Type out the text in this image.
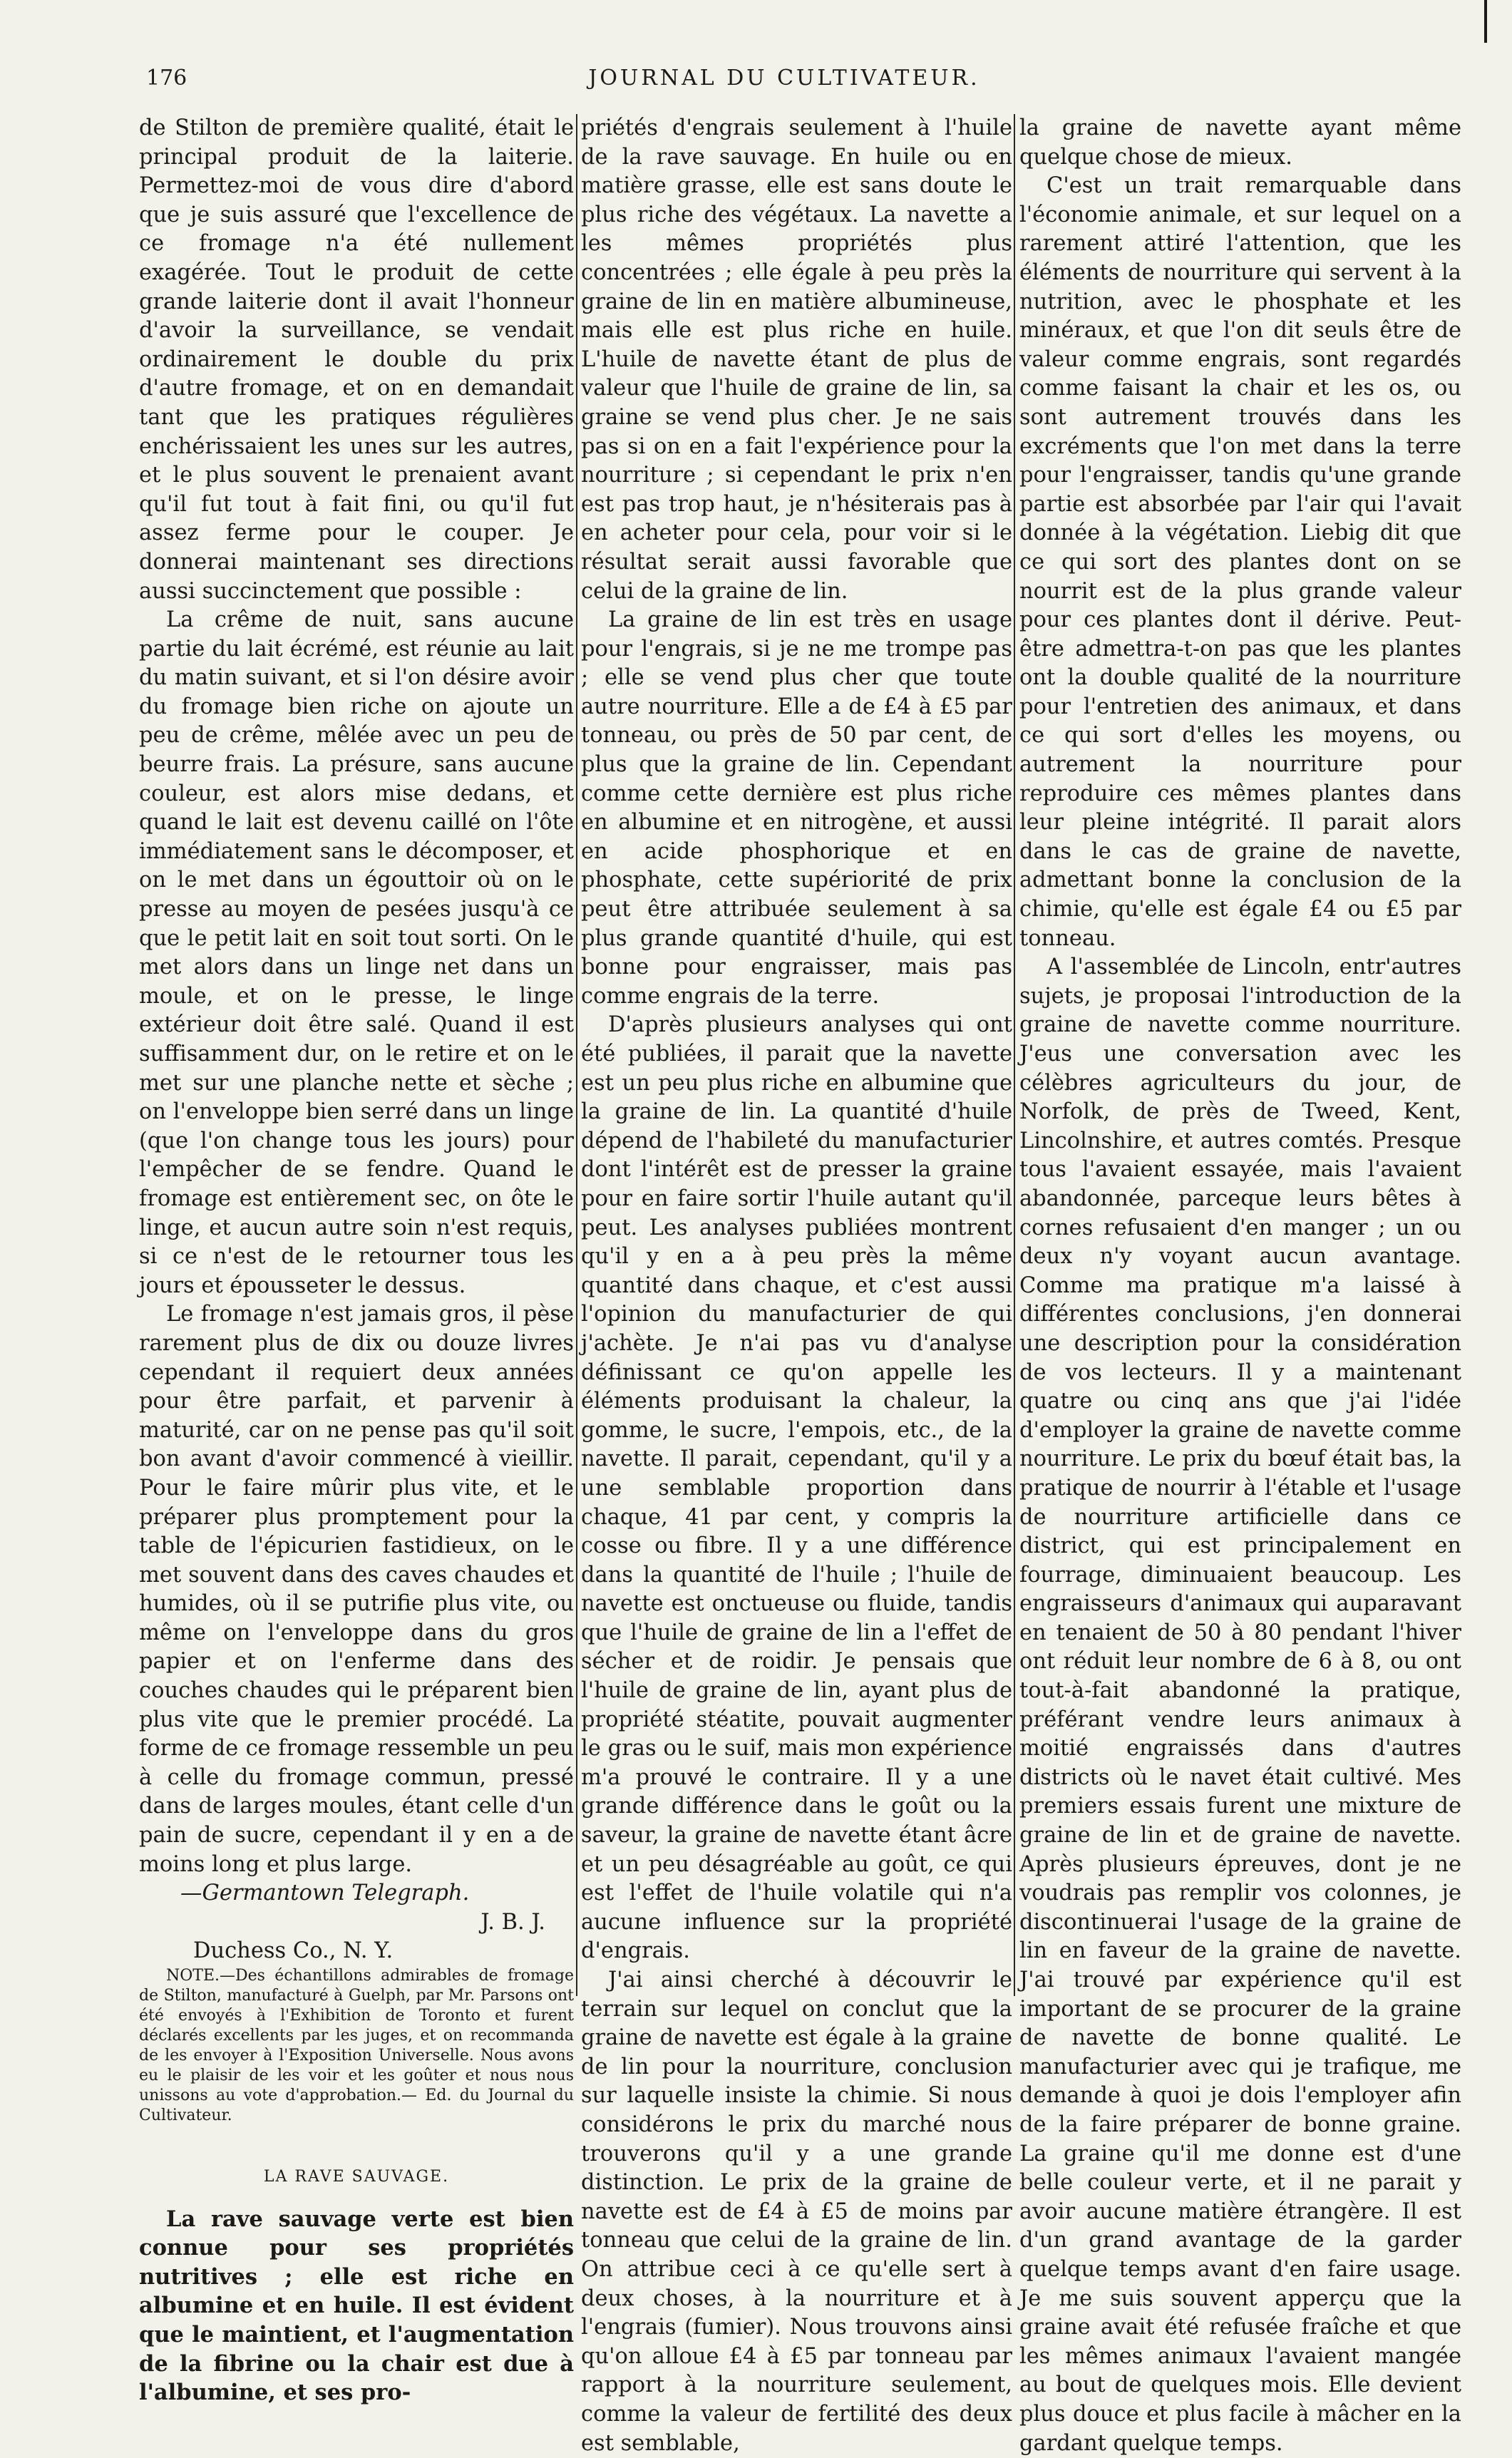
176	JOURNAL DU CULTIVATEUR.

de Stilton de première qualité, était le principal produit de la laiterie. Permettez-moi de vous dire d'abord que je suis assuré que l'excellence de ce fromage n'a été nullement exagérée. Tout le produit de cette grande laiterie dont il avait l'honneur d'avoir la surveillance, se vendait ordinairement le double du prix d'autre fromage, et on en demandait tant que les pratiques régulières enchérissaient les unes sur les autres, et le plus souvent le prenaient avant qu'il fut tout à fait fini, ou qu'il fut assez ferme pour le couper. Je donnerai maintenant ses directions aussi succinctement que possible :

La crême de nuit, sans aucune partie du lait écrémé, est réunie au lait du matin suivant, et si l'on désire avoir du fromage bien riche on ajoute un peu de crême, mêlée avec un peu de beurre frais. La présure, sans aucune couleur, est alors mise dedans, et quand le lait est devenu caillé on l'ôte immédiatement sans le décomposer, et on le met dans un égouttoir où on le presse au moyen de pesées jusqu'à ce que le petit lait en soit tout sorti. On le met alors dans un linge net dans un moule, et on le presse, le linge extérieur doit être salé. Quand il est suffisamment dur, on le retire et on le met sur une planche nette et sèche ; on l'enveloppe bien serré dans un linge (que l'on change tous les jours) pour l'empêcher de se fendre. Quand le fromage est entièrement sec, on ôte le linge, et aucun autre soin n'est requis, si ce n'est de le retourner tous les jours et épousseter le dessus.

Le fromage n'est jamais gros, il pèse rarement plus de dix ou douze livres cependant il requiert deux années pour être parfait, et parvenir à maturité, car on ne pense pas qu'il soit bon avant d'avoir commencé à vieillir. Pour le faire mûrir plus vite, et le préparer plus promptement pour la table de l'épicurien fastidieux, on le met souvent dans des caves chaudes et humides, où il se putrifie plus vite, ou même on l'enveloppe dans du gros papier et on l'enferme dans des couches chaudes qui le préparent bien plus vite que le premier procédé. La forme de ce fromage ressemble un peu à celle du fromage commun, pressé dans de larges moules, étant celle d'un pain de sucre, cependant il y en a de moins long et plus large.

—Germantown Telegraph.

J. B. J.

Duchess Co., N. Y.

NOTE.—Des échantillons admirables de fromage de Stilton, manufacturé à Guelph, par Mr. Parsons ont été envoyés à l'Exhibition de Toronto et furent déclarés excellents par les juges, et on recommanda de les envoyer à l'Exposition Universelle. Nous avons eu le plaisir de les voir et les goûter et nous nous unissons au vote d'approbation.— Ed. du Journal du Cultivateur.

LA RAVE SAUVAGE.

La rave sauvage verte est bien connue pour ses propriétés nutritives ; elle est riche en albumine et en huile. Il est évident que le maintient, et l'augmentation de la fibrine ou la chair est due à l'albumine, et ses pro-

priétés d'engrais seulement à l'huile de la rave sauvage. En huile ou en matière grasse, elle est sans doute le plus riche des végétaux. La navette a les mêmes propriétés plus concentrées ; elle égale à peu près la graine de lin en matière albumineuse, mais elle est plus riche en huile. L'huile de navette étant de plus de valeur que l'huile de graine de lin, sa graine se vend plus cher. Je ne sais pas si on en a fait l'expérience pour la nourriture ; si cependant le prix n'en est pas trop haut, je n'hésiterais pas à en acheter pour cela, pour voir si le résultat serait aussi favorable que celui de la graine de lin.

La graine de lin est très en usage pour l'engrais, si je ne me trompe pas ; elle se vend plus cher que toute autre nourriture. Elle a de £4 à £5 par tonneau, ou près de 50 par cent, de plus que la graine de lin. Cependant comme cette dernière est plus riche en albumine et en nitrogène, et aussi en acide phosphorique et en phosphate, cette supériorité de prix peut être attribuée seulement à sa plus grande quantité d'huile, qui est bonne pour engraisser, mais pas comme engrais de la terre.

D'après plusieurs analyses qui ont été publiées, il parait que la navette est un peu plus riche en albumine que la graine de lin. La quantité d'huile dépend de l'habileté du manufacturier dont l'intérêt est de presser la graine pour en faire sortir l'huile autant qu'il peut. Les analyses publiées montrent qu'il y en a à peu près la même quantité dans chaque, et c'est aussi l'opinion du manufacturier de qui j'achète. Je n'ai pas vu d'analyse définissant ce qu'on appelle les éléments produisant la chaleur, la gomme, le sucre, l'empois, etc., de la navette. Il parait, cependant, qu'il y a une semblable proportion dans chaque, 41 par cent, y compris la cosse ou fibre. Il y a une différence dans la quantité de l'huile ; l'huile de navette est onctueuse ou fluide, tandis que l'huile de graine de lin a l'effet de sécher et de roidir. Je pensais que l'huile de graine de lin, ayant plus de propriété stéatite, pouvait augmenter le gras ou le suif, mais mon expérience m'a prouvé le contraire. Il y a une grande différence dans le goût ou la saveur, la graine de navette étant âcre et un peu désagréable au goût, ce qui est l'effet de l'huile volatile qui n'a aucune influence sur la propriété d'engrais.

J'ai ainsi cherché à découvrir le terrain sur lequel on conclut que la graine de navette est égale à la graine de lin pour la nourriture, conclusion sur laquelle insiste la chimie. Si nous considérons le prix du marché nous trouverons qu'il y a une grande distinction. Le prix de la graine de navette est de £4 à £5 de moins par tonneau que celui de la graine de lin. On attribue ceci à ce qu'elle sert à deux choses, à la nourriture et à l'engrais (fumier). Nous trouvons ainsi qu'on alloue £4 à £5 par tonneau par rapport à la nourriture seulement, comme la valeur de fertilité des deux est semblable,

la graine de navette ayant même quelque chose de mieux.

C'est un trait remarquable dans l'économie animale, et sur lequel on a rarement attiré l'attention, que les éléments de nourriture qui servent à la nutrition, avec le phosphate et les minéraux, et que l'on dit seuls être de valeur comme engrais, sont regardés comme faisant la chair et les os, ou sont autrement trouvés dans les excréments que l'on met dans la terre pour l'engraisser, tandis qu'une grande partie est absorbée par l'air qui l'avait donnée à la végétation. Liebig dit que ce qui sort des plantes dont on se nourrit est de la plus grande valeur pour ces plantes dont il dérive. Peut-être admettra-t-on pas que les plantes ont la double qualité de la nourriture pour l'entretien des animaux, et dans ce qui sort d'elles les moyens, ou autrement la nourriture pour reproduire ces mêmes plantes dans leur pleine intégrité. Il parait alors dans le cas de graine de navette, admettant bonne la conclusion de la chimie, qu'elle est égale £4 ou £5 par tonneau.

A l'assemblée de Lincoln, entr'autres sujets, je proposai l'introduction de la graine de navette comme nourriture. J'eus une conversation avec les célèbres agriculteurs du jour, de Norfolk, de près de Tweed, Kent, Lincolnshire, et autres comtés. Presque tous l'avaient essayée, mais l'avaient abandonnée, parceque leurs bêtes à cornes refusaient d'en manger ; un ou deux n'y voyant aucun avantage. Comme ma pratique m'a laissé à différentes conclusions, j'en donnerai une description pour la considération de vos lecteurs. Il y a maintenant quatre ou cinq ans que j'ai l'idée d'employer la graine de navette comme nourriture. Le prix du bœuf était bas, la pratique de nourrir à l'étable et l'usage de nourriture artificielle dans ce district, qui est principalement en fourrage, diminuaient beaucoup. Les engraisseurs d'animaux qui auparavant en tenaient de 50 à 80 pendant l'hiver ont réduit leur nombre de 6 à 8, ou ont tout-à-fait abandonné la pratique, préférant vendre leurs animaux à moitié engraissés dans d'autres districts où le navet était cultivé. Mes premiers essais furent une mixture de graine de lin et de graine de navette. Après plusieurs épreuves, dont je ne voudrais pas remplir vos colonnes, je discontinuerai l'usage de la graine de lin en faveur de la graine de navette. J'ai trouvé par expérience qu'il est important de se procurer de la graine de navette de bonne qualité. Le manufacturier avec qui je trafique, me demande à quoi je dois l'employer afin de la faire préparer de bonne graine. La graine qu'il me donne est d'une belle couleur verte, et il ne parait y avoir aucune matière étrangère. Il est d'un grand avantage de la garder quelque temps avant d'en faire usage. Je me suis souvent apperçu que la graine avait été refusée fraîche et que les mêmes animaux l'avaient mangée au bout de quelques mois. Elle devient plus douce et plus facile à mâcher en la gardant quelque temps.
